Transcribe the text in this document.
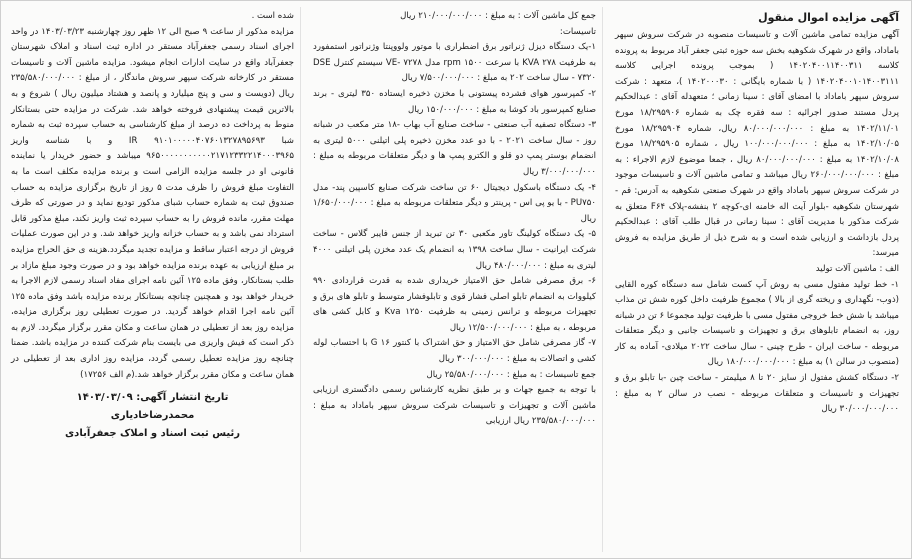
آگهی مزایده اموال منقول

آگهی مزایده تمامی ماشین آلات و تاسیسات منصوبه در شرکت سروش سپهر باماداد، واقع در شهرک شکوهیه بخش سه حوزه ثبتی جعفر آباد مربوط به پرونده کلاسه ۱۴۰۲۰۴۰۰۱۱۴۰۰۳۱۱ ( بموجب پرونده اجرایی کلاسه ۱۴۰۲۰۴۰۰۱۰۱۴۰۰۳۱۱۱ ( با شماره بایگانی : ۱۴۰۲۰۰۰۳۰ )، متعهد : شرکت سروش سپهر باماداد با امضای آقای : سینا زمانی ؛ متعهدله آقای : عبدالحکیم پردل مستند صدور اجرائیه : سه فقره چک به شماره ۱۸/۲۹۵۹۰۶ مورخ ۱۴۰۲/۱۱/۰۱ به مبلغ : ۸۰/۰۰۰/۰۰۰/۰۰۰ ریال، شماره ۱۸/۲۹۵۹۰۴ مورخ ۱۴۰۲/۱۰/۰۵ به مبلغ : ۱۰۰/۰۰۰/۰۰۰/۰۰۰ ریال ، شماره ۱۸/۲۹۵۹۰۵ مورخ ۱۴۰۲/۱۰/۰۸ به مبلغ : ۸۰/۰۰۰/۰۰۰/۰۰۰ ریال ، جمعا موضوع لازم الاجراء : به مبلغ : ۲۶۰/۰۰۰/۰۰۰/۰۰۰ ریال میباشد و تمامی ماشین آلات و تاسیسات موجود در شرکت سروش سپهر باماداد واقع در شهرک صنعتی شکوهیه به آدرس: قم - شهرستان شکوهیه -بلوار آیت اله خامنه ای-کوچه ۲ بنفشه-پلاک F۶۴ متعلق به شرکت مذکور با مدیریت آقای : سینا زمانی در قبال طلب آقای : عبدالحکیم پردل بازداشت و ارزیابی شده است و به شرح ذیل از طریق مزایده به فروش میرسد:

الف : ماشین آلات تولید

۱- خط تولید مفتول مسی به روش آپ کست شامل سه دستگاه کوره القایی (ذوب- نگهداری و ریخته گری از بالا ) مجموع ظرفیت داخل کوره شش تن مذاب میباشد با شش خط خروجی مفتول مسی با ظرفیت تولید مجموعا ۶ تن در شبانه روز، به انضمام تابلوهای برق و تجهیزات و تاسیسات جانبی و دیگر متعلقات مربوطه - ساخت ایران - طرح چینی - سال ساخت ۲۰۲۲ میلادی- آماده به کار (منصوب در سالن ۱) به مبلغ : ۱۸۰/۰۰۰/۰۰۰/۰۰۰ ریال

۲- دستگاه کشش مفتول از سایز ۲۰ تا ۸ میلیمتر - ساخت چین -با تابلو برق و تجهیزات و تاسیسات و متعلقات مربوطه - نصب در سالن ۲ به مبلغ : ۳۰/۰۰۰/۰۰۰/۰۰۰ ریال

جمع کل ماشین آلات : به مبلغ : ۲۱۰/۰۰۰/۰۰۰/۰۰۰ ریال

تاسیسات:

۱-یک دستگاه دیزل ژنراتور برق اضطراری با موتور ولووپنتا وژنراتور استمفورد به ظرفیت ۲۷۸ KVA با سرعت ۱۵۰۰ rpm مدل ۷۲۷۸ -VE سیستم کنترل DSE ۷۳۲۰ - سال ساخت ۲۰۲ به مبلغ : ۷/۵۰۰/۰۰۰/۰۰۰ ریال

۲- کمپرسور هوای فشرده پیستونی با مخزن ذخیره ایستاده ۳۵۰ لیتری - برند صنایع کمپرسور باد کوشا به مبلغ : ۱۵۰/۰۰۰/۰۰۰ ریال

۳- دستگاه تصفیه آب صنعتی - ساخت صنایع آب بهاب -۱۸ متر مکعب در شبانه روز - سال ساخت ۲۰۲۱ - با دو عدد مخزن ذخیره پلی اتیلنی ۵۰۰۰ لیتری به انضمام بوستر پمپ دو قلو و الکترو پمپ ها و دیگر متعلقات مربوطه به مبلغ : ۳/۰۰۰/۰۰۰/۰۰۰ ریال

۴- یک دستگاه باسکول دیجیتال ۶۰ تن ساخت شرکت صنایع کاسپین پند- مدل PU۷۵۰ - با یو پی اس - پرینتر و دیگر متعلقات مربوطه به مبلغ : ۱/۶۵۰/۰۰۰/۰۰۰ ریال

۵- یک دستگاه کولینگ تاور مکعبی ۳۰ تن تبرید از جنس فایبر گلاس - ساخت شرکت ایرانیت - سال ساخت ۱۳۹۸ به انضمام یک عدد مخزن پلی اتیلنی ۴۰۰۰ لیتری به مبلغ : ۴۸۰/۰۰۰/۰۰۰ ریال

۶- برق مصرفی شامل حق الامتیاز خریداری شده به قدرت قراردادی ۹۹۰ کیلووات به انضمام تابلو اصلی فشار قوی و تابلوفشار متوسط و تابلو های برق و تجهیزات مربوطه و ترانس زمینی به ظرفیت ۱۲۵۰ Kva و کابل کشی های مربوطه ، به مبلغ : ۱۲/۵۰۰/۰۰۰/۰۰۰ ریال

۷- گاز مصرفی شامل حق الامتیاز و حق اشتراک با کنتور G ۱۶ با احتساب لوله کشی و اتصالات به مبلغ : ۳۰۰/۰۰۰/۰۰۰ ریال

جمع تاسیسات : به مبلغ : ۲۵/۵۸۰/۰۰۰/۰۰۰ ریال

با توجه به جمیع جهات و بر طبق نظریه کارشناس رسمی دادگستری ارزیابی ماشین آلات و تجهیزات و تاسیسات شرکت سروش سپهر باماداد به مبلغ : ۲۳۵/۵۸۰/۰۰۰/۰۰۰ ریال ارزیابی

شده است .

مزایده مذکور از ساعت ۹ صبح الی ۱۲ ظهر روز چهارشنبه ۱۴۰۳/۰۳/۲۳ در واحد اجرای اسناد رسمی جعفرآباد مستقر در اداره ثبت اسناد و املاک شهرستان جعفرآباد واقع در سایت ادارات انجام میشود. مزایده ماشین آلات و تاسیسات مستقر در کارخانه شرکت سپهر سروش ماندگار ، از مبلغ : ۲۳۵/۵۸۰/۰۰۰/۰۰۰ ریال (دویست و سی و پنج میلیارد و پانصد و هشتاد میلیون ریال ) شروع و به بالاترین قیمت پیشنهادی فروخته خواهد شد. شرکت در مزایده حتی بستانکار منوط به پرداخت ده درصد از مبلغ کارشناسی به حساب سپرده ثبت به شماره شبا IR ۹۱۰۱۰۰۰۰۰۴۰۷۶۰۱۳۲۷۸۹۵۶۹۳ و با شناسه واریز ۹۶۵۰۰۰۰۰۰۰۰۰۰۰۲۱۷۱۲۳۳۲۲۱۴۰۰۰۳۹۶۵ میباشد و حضور خریدار یا نماینده قانونی او در جلسه مزایده الزامی است و برنده مزایده مکلف است ما به التفاوت مبلغ فروش را ظرف مدت ۵ روز از تاریخ برگزاری مزایده به حساب صندوق ثبت به شماره حساب شبای مذکور تودیع نماید و در صورتی که ظرف مهلت مقرر، مانده فروش را به حساب سپرده ثبت واریز نکند، مبلغ مذکور قابل استرداد نمی باشد و به حساب خزانه واریز خواهد شد. و در این صورت عملیات فروش از درجه اعتبار ساقط و مزایده تجدید میگردد.هزینه ی حق الحراج مزایده بر مبلغ ارزیابی به عهده برنده مزایده خواهد بود و در صورت وجود مبلغ مازاد بر طلب بستانکار، وفق ماده ۱۲۵ آئین نامه اجرای مفاد اسناد رسمی لازم الاجرا به خریدار خواهد بود و همچنین چنانچه بستانکار برنده مزایده باشد وفق ماده ۱۲۵ آئین نامه اجرا اقدام خواهد گردید. در صورت تعطیلی روز برگزاری مزایده، مزایده روز بعد از تعطیلی در همان ساعت و مکان مقرر برگزار میگردد. لازم به ذکر است که فیش واریزی می بایست بنام شرکت کننده در مزایده باشد. ضمنا چنانچه روز مزایده تعطیل رسمی گردد، مزایده روز اداری بعد از تعطیلی در همان ساعت و مکان مقرر برگزار خواهد شد.(م الف ۱۷۲۵۶)

تاریخ انتشار آگهی: ۱۴۰۳/۰۳/۰۹
محمدرضاخادیاری
رئیس ثبت اسناد و املاک جعفرآبادی
